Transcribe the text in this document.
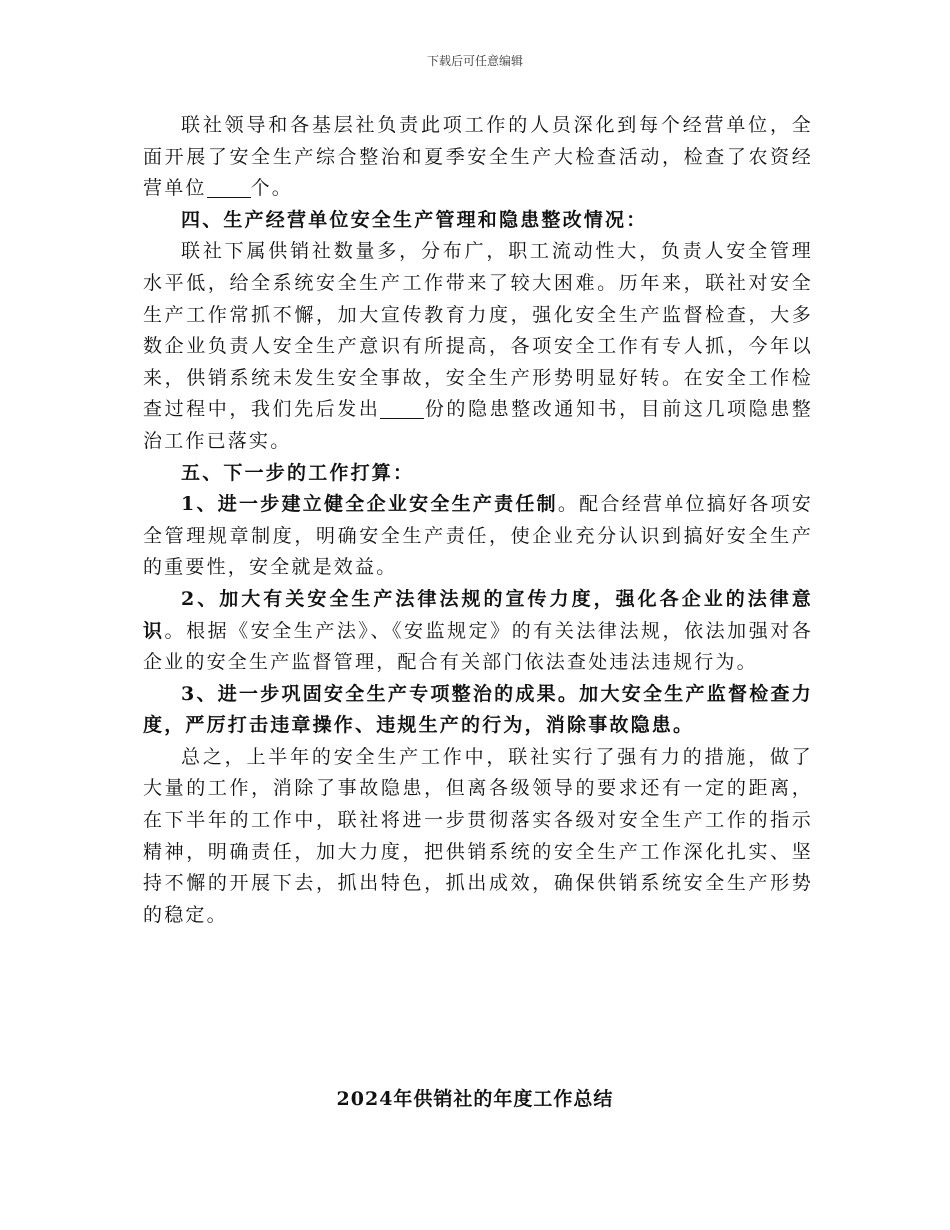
下载后可任意编辑

联社领导和各基层社负责此项工作的人员深化到每个经营单位，全面开展了安全生产综合整治和夏季安全生产大检查活动，检查了农资经营单位 个。

四、生产经营单位安全生产管理和隐患整改情况：

联社下属供销社数量多，分布广，职工流动性大，负责人安全管理水平低，给全系统安全生产工作带来了较大困难。历年来，联社对安全生产工作常抓不懈，加大宣传教育力度，强化安全生产监督检查，大多数企业负责人安全生产意识有所提高，各项安全工作有专人抓，今年以来，供销系统未发生安全事故，安全生产形势明显好转。在安全工作检查过程中，我们先后发出 份的隐患整改通知书，目前这几项隐患整治工作已落实。

五、下一步的工作打算：

1、进一步建立健全企业安全生产责任制。配合经营单位搞好各项安全管理规章制度，明确安全生产责任，使企业充分认识到搞好安全生产的重要性，安全就是效益。

2、加大有关安全生产法律法规的宣传力度，强化各企业的法律意识。根据《安全生产法》、《安监规定》的有关法律法规，依法加强对各企业的安全生产监督管理，配合有关部门依法查处违法违规行为。

3、进一步巩固安全生产专项整治的成果。加大安全生产监督检查力度，严厉打击违章操作、违规生产的行为，消除事故隐患。

总之，上半年的安全生产工作中，联社实行了强有力的措施，做了大量的工作，消除了事故隐患，但离各级领导的要求还有一定的距离，在下半年的工作中，联社将进一步贯彻落实各级对安全生产工作的指示精神，明确责任，加大力度，把供销系统的安全生产工作深化扎实、坚持不懈的开展下去，抓出特色，抓出成效，确保供销系统安全生产形势的稳定。

2024年供销社的年度工作总结
